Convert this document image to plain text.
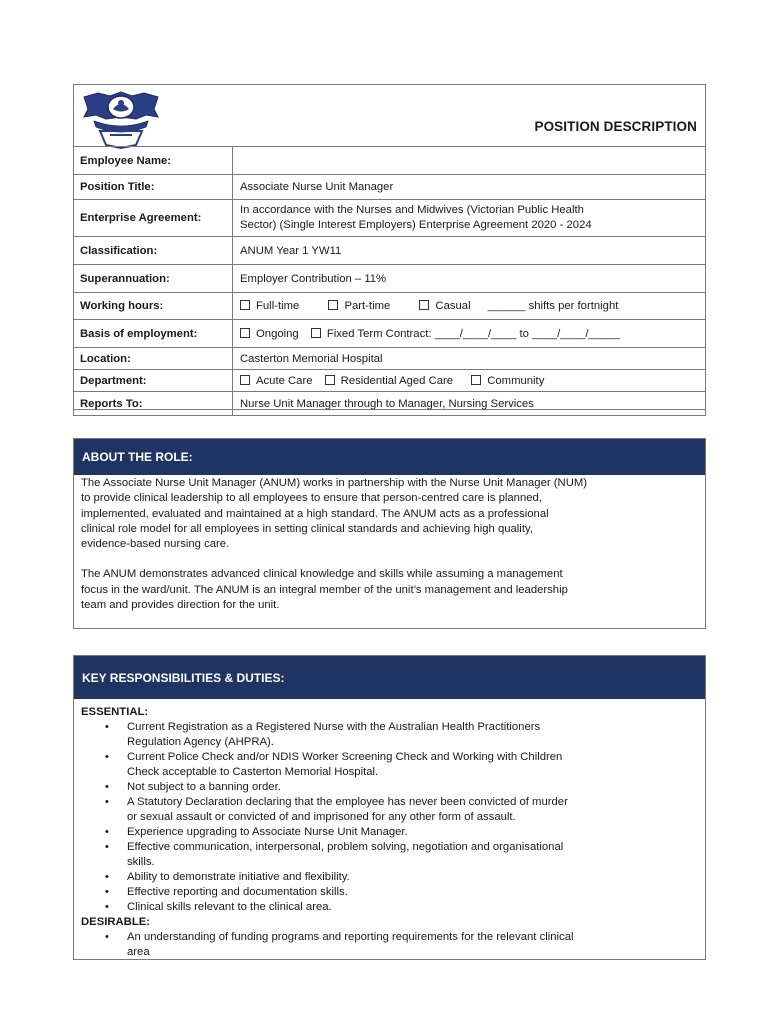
POSITION DESCRIPTION
Employee Name:	
Position Title:	Associate Nurse Unit Manager
Enterprise Agreement:	In accordance with the Nurses and Midwives (Victorian Public Health
Sector) (Single Interest Employers) Enterprise Agreement 2020 - 2024

Classification:	ANUM Year 1 YW11
Superannuation:	Employer Contribution – 11%
Working hours:	Full-time Part-time Casual ______ shifts per fortnight
Basis of employment:	Ongoing Fixed Term Contract: ____/____/____ to ____/____/_____
Location:	Casterton Memorial Hospital
Department:	Acute Care Residential Aged Care Community
Reports To:	Nurse Unit Manager through to Manager, Nursing Services
ABOUT THE ROLE:

The Associate Nurse Unit Manager (ANUM) works in partnership with the Nurse Unit Manager (NUM)
to provide clinical leadership to all employees to ensure that person-centred care is planned,
implemented, evaluated and maintained at a high standard. The ANUM acts as a professional
clinical role model for all employees in setting clinical standards and achieving high quality,
evidence-based nursing care.

The ANUM demonstrates advanced clinical knowledge and skills while assuming a management
focus in the ward/unit. The ANUM is an integral member of the unit’s management and leadership
team and provides direction for the unit.

KEY RESPONSIBILITIES & DUTIES:
ESSENTIAL:
• Current Registration as a Registered Nurse with the Australian Health Practitioners
Regulation Agency (AHPRA).
• Current Police Check and/or NDIS Worker Screening Check and Working with Children
Check acceptable to Casterton Memorial Hospital.
• Not subject to a banning order.
• A Statutory Declaration declaring that the employee has never been convicted of murder
or sexual assault or convicted of and imprisoned for any other form of assault.
• Experience upgrading to Associate Nurse Unit Manager.
• Effective communication, interpersonal, problem solving, negotiation and organisational
skills.
• Ability to demonstrate initiative and flexibility.
• Effective reporting and documentation skills.
• Clinical skills relevant to the clinical area.
DESIRABLE:
• An understanding of funding programs and reporting requirements for the relevant clinical
area
